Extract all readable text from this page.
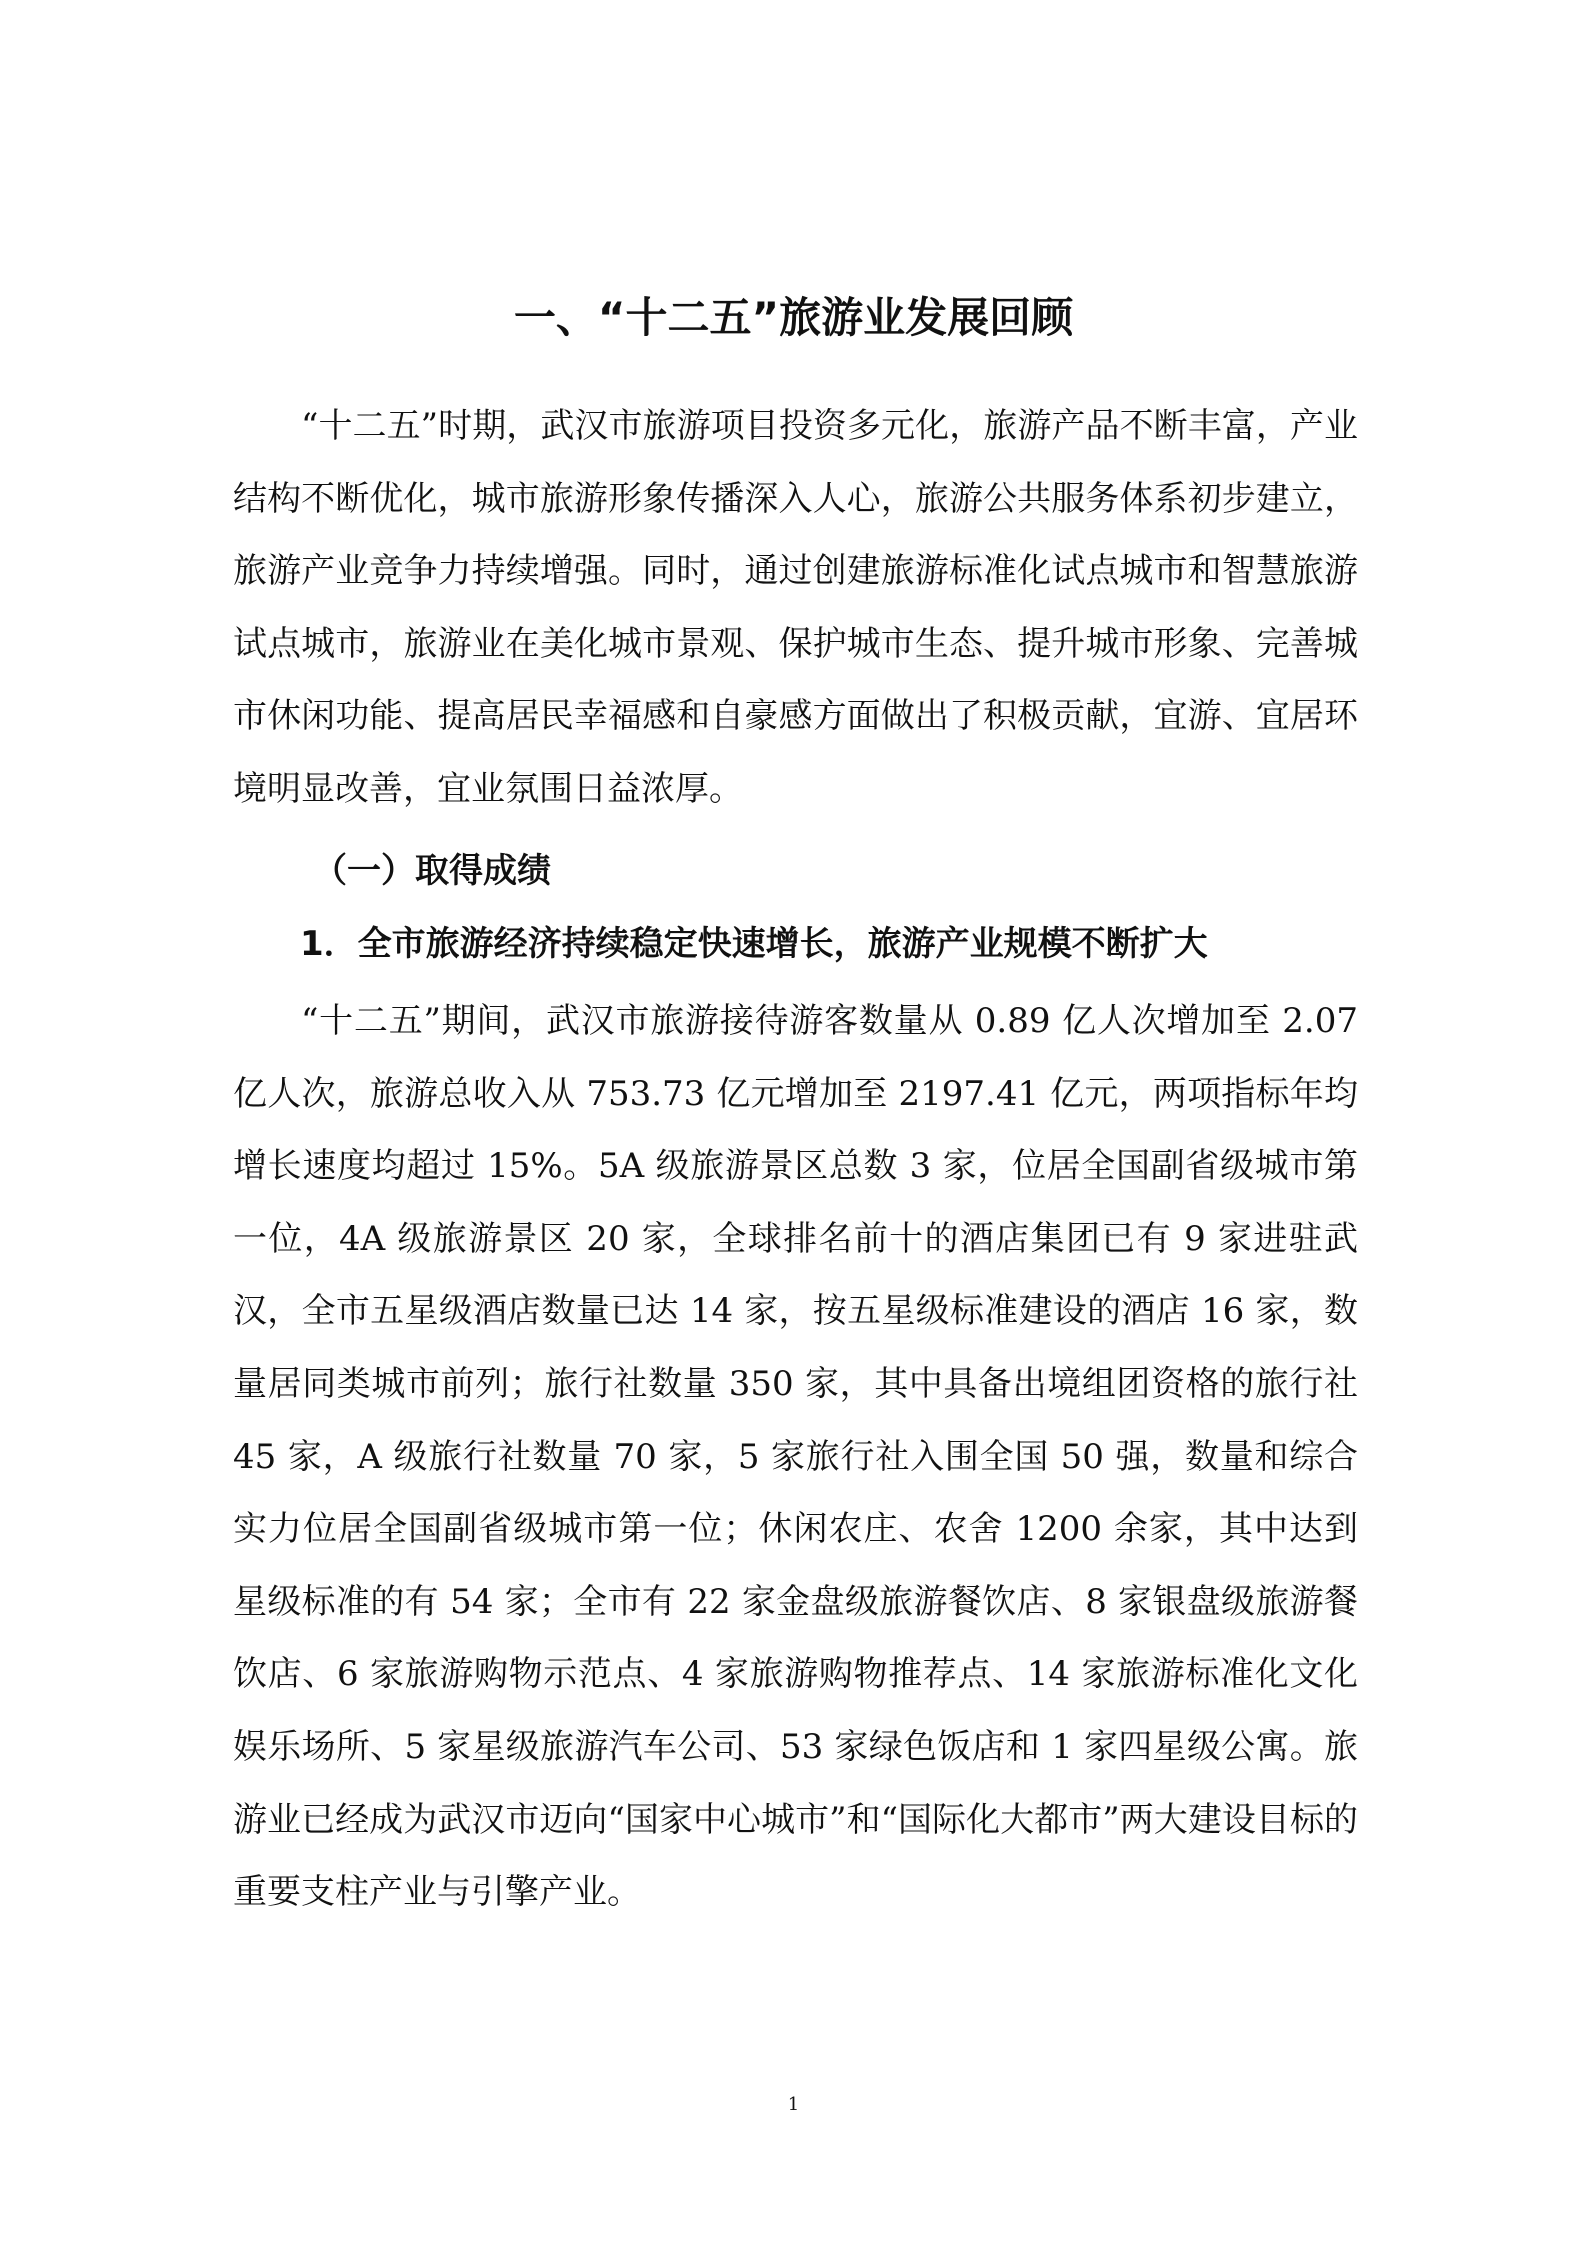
一、“十二五”旅游业发展回顾

“十二五”时期，武汉市旅游项目投资多元化，旅游产品不断丰富，产业结构不断优化，城市旅游形象传播深入人心，旅游公共服务体系初步建立，旅游产业竞争力持续增强。同时，通过创建旅游标准化试点城市和智慧旅游试点城市，旅游业在美化城市景观、保护城市生态、提升城市形象、完善城市休闲功能、提高居民幸福感和自豪感方面做出了积极贡献，宜游、宜居环境明显改善，宜业氛围日益浓厚。

（一）取得成绩
1．全市旅游经济持续稳定快速增长，旅游产业规模不断扩大

“十二五”期间，武汉市旅游接待游客数量从 0.89 亿人次增加至 2.07 亿人次，旅游总收入从 753.73 亿元增加至 2197.41 亿元，两项指标年均增长速度均超过 15%。5A 级旅游景区总数 3 家，位居全国副省级城市第一位，4A 级旅游景区 20 家，全球排名前十的酒店集团已有 9 家进驻武汉，全市五星级酒店数量已达 14 家，按五星级标准建设的酒店 16 家，数量居同类城市前列；旅行社数量 350 家，其中具备出境组团资格的旅行社 45 家，A 级旅行社数量 70 家，5 家旅行社入围全国 50 强，数量和综合实力位居全国副省级城市第一位；休闲农庄、农舍 1200 余家，其中达到星级标准的有 54 家；全市有 22 家金盘级旅游餐饮店、8 家银盘级旅游餐饮店、6 家旅游购物示范点、4 家旅游购物推荐点、14 家旅游标准化文化娱乐场所、5 家星级旅游汽车公司、53 家绿色饭店和 1 家四星级公寓。旅游业已经成为武汉市迈向“国家中心城市”和“国际化大都市”两大建设目标的重要支柱产业与引擎产业。

1
